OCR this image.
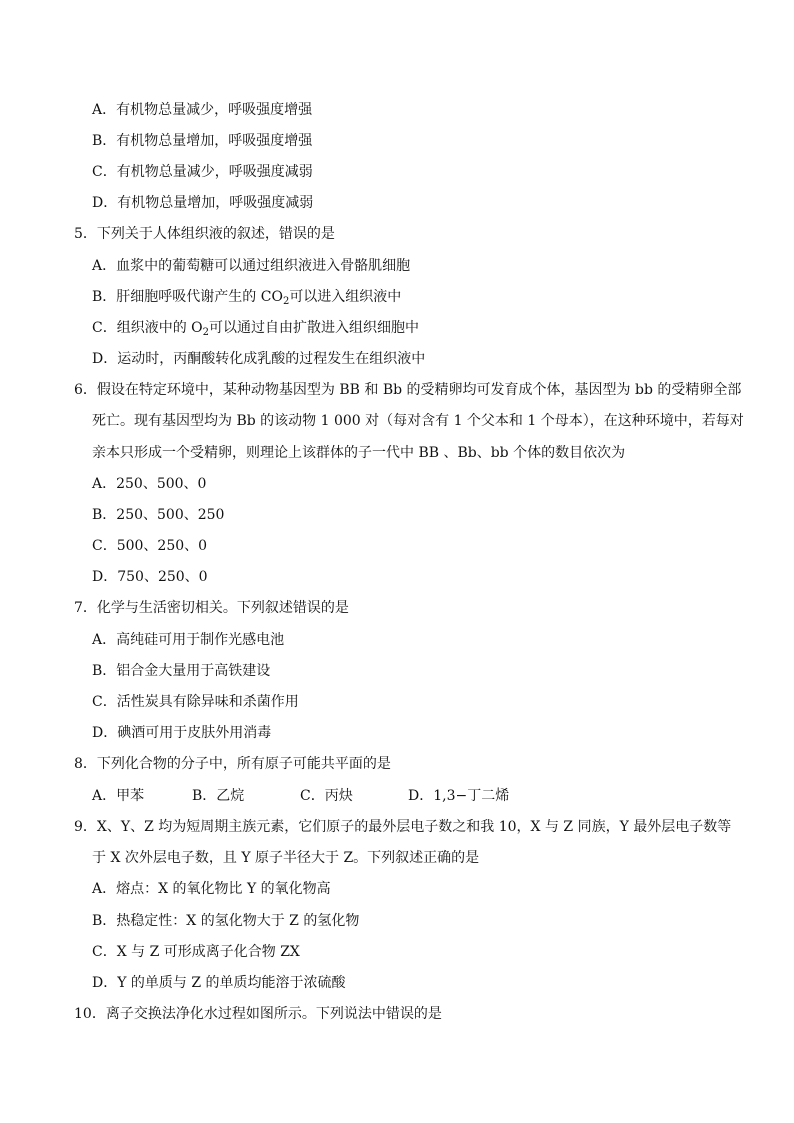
A．有机物总量减少，呼吸强度增强
B．有机物总量增加，呼吸强度增强
C．有机物总量减少，呼吸强度减弱
D．有机物总量增加，呼吸强度减弱
5．下列关于人体组织液的叙述，错误的是
A．血浆中的葡萄糖可以通过组织液进入骨骼肌细胞
B．肝细胞呼吸代谢产生的 $CO_2$可以进入组织液中
C．组织液中的 $O_2$可以通过自由扩散进入组织细胞中
D．运动时，丙酮酸转化成乳酸的过程发生在组织液中
6．假设在特定环境中，某种动物基因型为 BB 和 Bb 的受精卵均可发育成个体，基因型为 bb 的受精卵全部
死亡。现有基因型均为 Bb 的该动物 1 000 对（每对含有 1 个父本和 1 个母本），在这种环境中，若每对
亲本只形成一个受精卵，则理论上该群体的子一代中 BB 、Bb、bb 个体的数目依次为
A．250、500、0
B．250、500、250
C．500、250、0
D．750、250、0
7．化学与生活密切相关。下列叙述错误的是
A．高纯硅可用于制作光感电池
B．铝合金大量用于高铁建设
C．活性炭具有除异味和杀菌作用
D．碘酒可用于皮肤外用消毒
8．下列化合物的分子中，所有原子可能共平面的是
A．甲苯	B．乙烷	C．丙炔	D．1,3−丁二烯
9．X、Y、Z 均为短周期主族元素，它们原子的最外层电子数之和我 10，X 与 Z 同族，Y 最外层电子数等
于 X 次外层电子数，且 Y 原子半径大于 Z。下列叙述正确的是
A．熔点：X 的氧化物比 Y 的氧化物高
B．热稳定性：X 的氢化物大于 Z 的氢化物
C．X 与 Z 可形成离子化合物 ZX
D．Y 的单质与 Z 的单质均能溶于浓硫酸
10．离子交换法净化水过程如图所示。下列说法中错误的是
